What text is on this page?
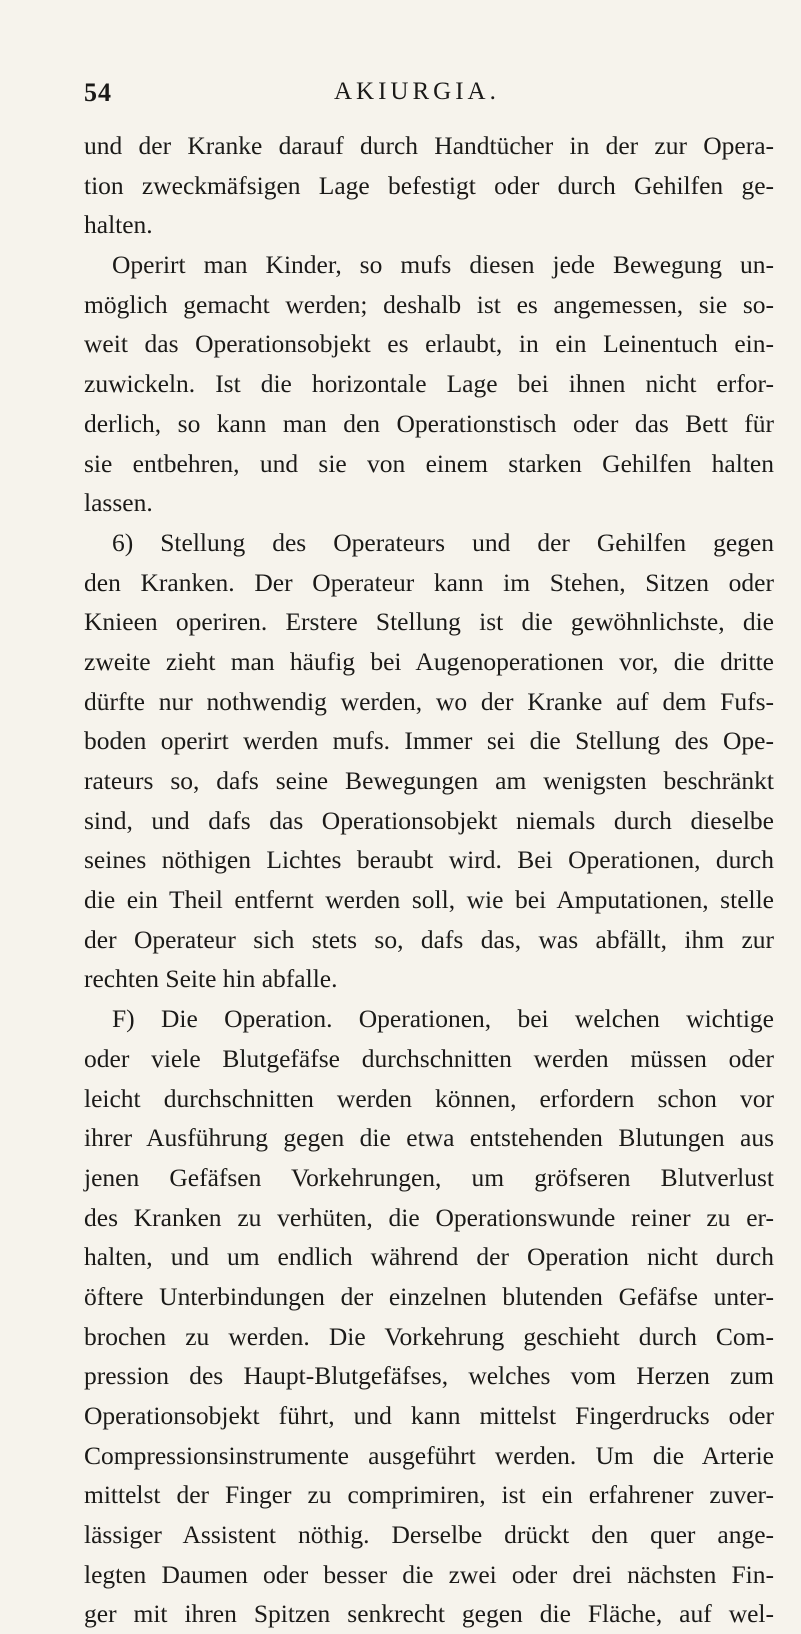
54	AKIURGIA.
und der Kranke darauf durch Handtücher in der zur Opera-
tion zweckmäfsigen Lage befestigt oder durch Gehilfen ge-
halten.
Operirt man Kinder, so mufs diesen jede Bewegung un-
möglich gemacht werden; deshalb ist es angemessen, sie so-
weit das Operationsobjekt es erlaubt, in ein Leinentuch ein-
zuwickeln. Ist die horizontale Lage bei ihnen nicht erfor-
derlich, so kann man den Operationstisch oder das Bett für
sie entbehren, und sie von einem starken Gehilfen halten
lassen.
6) Stellung des Operateurs und der Gehilfen gegen
den Kranken. Der Operateur kann im Stehen, Sitzen oder
Knieen operiren. Erstere Stellung ist die gewöhnlichste, die
zweite zieht man häufig bei Augenoperationen vor, die dritte
dürfte nur nothwendig werden, wo der Kranke auf dem Fufs-
boden operirt werden mufs. Immer sei die Stellung des Ope-
rateurs so, dafs seine Bewegungen am wenigsten beschränkt
sind, und dafs das Operationsobjekt niemals durch dieselbe
seines nöthigen Lichtes beraubt wird. Bei Operationen, durch
die ein Theil entfernt werden soll, wie bei Amputationen, stelle
der Operateur sich stets so, dafs das, was abfällt, ihm zur
rechten Seite hin abfalle.
F) Die Operation. Operationen, bei welchen wichtige
oder viele Blutgefäfse durchschnitten werden müssen oder
leicht durchschnitten werden können, erfordern schon vor
ihrer Ausführung gegen die etwa entstehenden Blutungen aus
jenen Gefäfsen Vorkehrungen, um gröfseren Blutverlust
des Kranken zu verhüten, die Operationswunde reiner zu er-
halten, und um endlich während der Operation nicht durch
öftere Unterbindungen der einzelnen blutenden Gefäfse unter-
brochen zu werden. Die Vorkehrung geschieht durch Com-
pression des Haupt-Blutgefäfses, welches vom Herzen zum
Operationsobjekt führt, und kann mittelst Fingerdrucks oder
Compressionsinstrumente ausgeführt werden. Um die Arterie
mittelst der Finger zu comprimiren, ist ein erfahrener zuver-
lässiger Assistent nöthig. Derselbe drückt den quer ange-
legten Daumen oder besser die zwei oder drei nächsten Fin-
ger mit ihren Spitzen senkrecht gegen die Fläche, auf wel-
